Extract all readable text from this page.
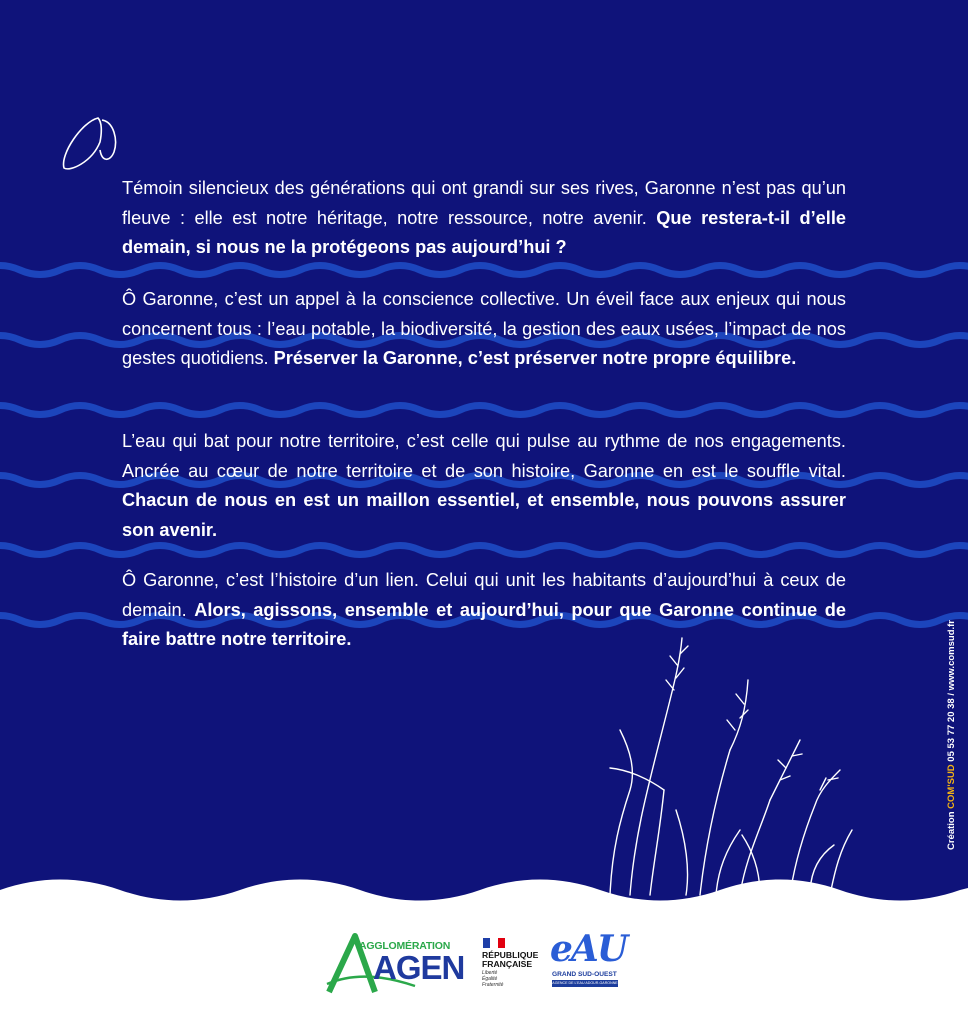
Témoin silencieux des générations qui ont grandi sur ses rives, Garonne n’est pas qu’un fleuve : elle est notre héritage, notre ressource, notre avenir. Que restera-t-il d’elle demain, si nous ne la protégeons pas aujourd’hui ?
Ô Garonne, c’est un appel à la conscience collective. Un éveil face aux enjeux qui nous concernent tous : l’eau potable, la biodiversité, la gestion des eaux usées, l’impact de nos gestes quotidiens. Préserver la Garonne, c’est préserver notre propre équilibre.
L’eau qui bat pour notre territoire, c’est celle qui pulse au rythme de nos engagements. Ancrée au cœur de notre territoire et de son histoire, Garonne en est le souffle vital. Chacun de nous en est un maillon essentiel, et ensemble, nous pouvons assurer son avenir.
Ô Garonne, c’est l’histoire d’un lien. Celui qui unit les habitants d’aujourd’hui à ceux de demain. Alors, agissons, ensemble et aujourd’hui, pour que Garonne continue de faire battre notre territoire.
Création COM'SUD 05 53 77 20 38 / www.comsud.fr
AGGLOMÉRATION
AGEN RÉPUBLIQUE
FRANÇAISE
Liberté
Égalité
Fraternité
eAU
GRAND SUD-OUEST
AGENCE DE L'EAU ADOUR-GARONNE
